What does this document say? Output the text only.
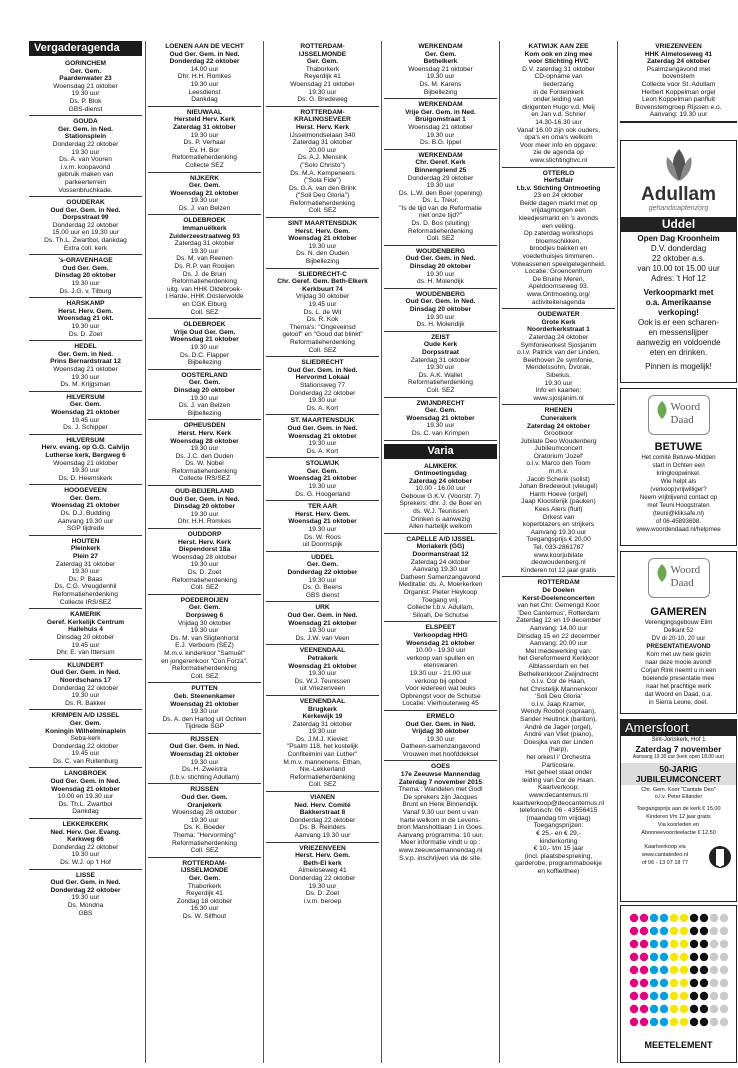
Vergaderagenda
GORINCHEM
Ger. Gem.
Paardenwater 23
Woensdag 21 oktober
19.30 uur
Ds. P. Blok
GBS-dienst
GOUDA
Ger. Gem. in Ned.
Stationsplein
Donderdag 22 oktober
19.30 uur
Ds. A. van Vooren
i.v.m. koopavond
gebruik maken van
parkeerterrein
Vossenbruchkade.
GOUDERAK
Oud Ger. Gem. in Ned.
Dorpsstraat 99
Donderdag 22 oktober
15.00 uur en 19.30 uur
Ds. Th.L. Zwartbol, dankdag
Extra coll. kerk
's-GRAVENHAGE
Oud Ger. Gem.
Dinsdag 20 oktober
19.30 uur
Ds. J.G. v. Tilburg
HARSKAMP
Herst. Herv. Gem.
Woensdag 21 okt.
19.30 uur
Ds. D. Zoet
HEDEL
Ger. Gem. in Ned.
Prins Bernardstraat 12
Woensdag 21 oktober
19.30 uur
Ds. M. Krijgsman
HILVERSUM
Ger. Gem.
Woensdag 21 oktober
19.45 uur
Ds. J. Schipper
HILVERSUM
Herv. evang. op G.G. Calvijn
Lutherse kerk, Bergweg 6
Woensdag 21 oktober
19.30 uur
Ds. D. Heemskerk
HOOGEVEEN
Ger. Gem.
Woensdag 21 oktober
Ds. D.J. Budding
Aanvang 19.30 uur
SGP tijdrede
HOUTEN
Pleinkerk
Plein 27
Zaterdag 31 oktober
19.30 uur
Ds. P. Baas
Ds. C.G. Vreugdenhil
Reformatieherdenking
Collecte IRS/SEZ
KAMERIK
Geref. Kerkelijk Centrum
Hallehuis 4
Dinsdag 20 oktober
19.45 uur
Dhr. E. van Ittersum
KLUNDERT
Oud Ger. Gem. in Ned.
Noordschans 17
Donderdag 22 oktober
19.30 uur
Ds. R. Bakker
KRIMPEN A/D IJSSEL
Ger. Gem.
Koningin Wilhelminaplein
Seba-kerk
Donderdag 22 oktober
19.45 uur
Ds. C. van Ruitenburg
LANGBROEK
Oud Ger. Gem. in Ned.
Woensdag 21 oktober
10.00 en 19.30 uur
Ds. Th.L. Zwartbol
Dankdag
LEKKERKERK
Ned. Herv. Ger. Evang.
Kerkweg 66
Donderdag 22 oktober
19.30 uur
Ds. W.J. op 't Hof
LISSE
Oud Ger. Gem. in Ned.
Donderdag 22 oktober
19.30 uur
Ds. Mondria
GBS
LOENEN AAN DE VECHT
Oud Ger. Gem. in Ned.
Donderdag 22 oktober
14.00 uur
Dhr. H.H. Romkes
19.30 uur
Leesdienst
Dankdag
NIEUWAAL
Hersteld Herv. Kerk
Zaterdag 31 oktober
19.30 uur
Ds. P. Verhaar
Ev. H. Bor
Reformatieherdenking
Collecte SEZ
NIJKERK
Ger. Gem.
Woensdag 21 oktober
19.30 uur
Ds. J. van Belzen
OLDEBROEK
Immanuëlkerk
Zuiderzeestraatweg 93
Zaterdag 31 oktober
19.30 uur
Ds. M. van Reenen
Ds. R.P. van Rooijen
Ds. J. de Bruin
Reformatieherdenking
uitg. van HHK Oldebroek-
t Harde, HHK Oosterwolde
en CGK Elburg
Coll. SEZ
OLDEBROEK
Vrije Oud Ger. Gem.
Woensdag 21 oktober
19.30 uur
Ds. D.C. Flapper
Bijbellezing
OOSTERLAND
Ger. Gem.
Dinsdag 20 oktober
19.30 uur
Ds. J. van Belzen
Bijbellezing
OPHEUSDEN
Herst. Herv. Kerk
Woensdag 28 oktober
19.30 uur
Ds. J.C. den Ouden
Ds. W. Nobel
Reformatieherdenking
Collecte IRS/SEZ
OUD-BEIJERLAND
Oud Ger. Gem. in Ned.
Dinsdag 20 oktober
19.30 uur
Dhr. H.H. Romkes
OUDDORP
Herst. Herv. Kerk
Diependorst 18a
Woensdag 28 oktober
19.30 uur
Ds. D. Zoet
Reformatieherdenking
Coll. SEZ
POEDEROIJEN
Ger. Gem.
Dorpsweg 6
Vrijdag 30 oktober
19.30 uur
Ds. M. van Sligtenhorst
E.J. Verboom (SEZ)
M.m.v. kinderkoor "Samuël"
en jongerenkoor "Con Forza".
Reformatieherdenking
Coll. SEZ
PUTTEN
Geb. Steenenkamer
Woensdag 21 oktober
19.30 uur
Ds. A. den Hartog uit Ochten
Tijdrede SGP
RIJSSEN
Oud Ger. Gem. in Ned.
Woensdag 21 oktober
19.30 uur
Ds. H. Zweistra
(t.b.v. stichting Adullam)
RIJSSEN
Oud Ger. Gem.
Oranjekerk
Woensdag 28 oktober
19.30 uur
Ds. K. Boeder
Thema: "Hervorming"
Reformatieherdenking
Coll. SEZ
ROTTERDAM-
IJSSELMONDE
Ger. Gem.
Thaborkerk
Reyerdijk 41
Zondag 18 oktober
16.30 uur
Ds. W. Silfhout
ROTTERDAM-
IJSSELMONDE
Ger. Gem.
Thaborkerk
Reyerdijk 41
Woensdag 21 oktober
19.30 uur
Ds. G. Bredeweg
ROTTERDAM-
KRALINGSEVEER
Herst. Herv. Kerk
IJsselmondselaan 340
Zaterdag 31 oktober
20.00 uur
Ds. A.J. Mensink
("Solo Christo")
Ds. M.A. Kempeneers
("Sola Fide")
Ds. G.A. van den Brink
("Soli Deo Gloria")
Reformatieherdenking
Coll. SEZ
SINT MAARTENSDIJK
Herst. Herv. Gem.
Woensdag 21 oktober
19.30 uur
Ds. N. den Ouden
Bijbellezing
SLIEDRECHT-C
Chr. Geref. Gem. Beth-Elkerk
Kerkbuurt 74
Vrijdag 30 oktober
19.45 uur
Ds. L. de Wit
Ds. R. Kok
Thema's: "Ongeveinsd
geloof" en "Goud dat blinkt"
Reformatieherdenking
Coll. SEZ
SLIEDRECHT
Oud Ger. Gem. in Ned.
Hervormd Lokaal
Stationsweg 77
Donderdag 22 oktober
19.30 uur
Ds. A. Kort
ST. MAARTENSDIJK
Oud Ger. Gem. in Ned.
Woensdag 21 oktober
19.30 uur
Ds. A. Kort
STOLWIJK
Ger. Gem.
Woensdag 21 oktober
19.30 uur
Ds. G. Hoogerland
TER AAR
Herst. Herv. Gem.
Woensdag 21 oktober
19.30 uur
Ds. W. Roos
uit Doornspijk
UDDEL
Ger. Gem.
Donderdag 22 oktober
19.30 uur
Ds. G. Beens
GBS dienst
URK
Oud Ger. Gem. in Ned.
Woensdag 21 oktober
19.30 uur
Ds. J.W. van Veen
VEENENDAAL
Petrakerk
Woensdag 21 oktober
19.30 uur
Ds. W.J. Teunissen
uit Vriezenveen
VEENENDAAL
Brugkerk
Kerkewijk 19
Zaterdag 31 oktober
19.30 uur
Ds. J.M.J. Kieviet:
"Psalm 118, het kostelijk
Confiteimini van Luther"
M.m.v. mannenens. Ethan,
Nw.-Lekkerland
Reformatieherdenking
Coll. SEZ
VIANEN
Ned. Herv. Comité
Bakkerstraat 8
Donderdag 22 oktober
Ds. B. Reinders
Aanvang 19.30 uur
VRIEZENVEEN
Herst. Herv. Gem.
Beth-El kerk
Almeloseweg 41
Donderdag 22 oktober
19.30 uur
Ds. D. Zoet
i.v.m. beroep
WERKENDAM
Ger. Gem.
Bethelkerk
Woensdag 21 oktober
19.30 uur
Ds. M. Karens
Bijbellezing
WERKENDAM
Vrije Ger. Gem. in Ned.
Bruigomstraat 1
Woensdag 21 oktober
19.30 uur
Ds. B.G. Ippel
WERKENDAM
Chr. Geref. Kerk
Binnengriend 25
Donderdag 29 oktober
19.30 uur
Ds. L.W. den Boer (opening)
Ds. L. Treur:
"Is de tijd van de Reformatie
niet onze tijd?"
Ds. D. Bos (sluiting)
Reformatieherdenking
Coll. SEZ
WOUDENBERG
Oud Ger. Gem. in Ned.
Dinsdag 20 oktober
19.30 uur
ds. H. Molendijk
WOUDENBERG
Oud Ger. Gem. in Ned.
Dinsdag 20 oktober
19.30 uur
Ds. H. Molendijk
ZEIST
Oude Kerk
Dorpsstraat
Zaterdag 31 oktober
19.30 uur
Ds. A.K. Wallet
Reformatieherdenking
Coll. SEZ
ZWIJNDRECHT
Ger. Gem.
Woensdag 21 oktober
19.30 uur
Ds. C. van Krimpen
Varia
ALMKERK
Ontmoetingsdag
Zaterdag 24 oktober
10.00 - 16.00 uur
Gebouw G.K.V. (Voorstr. 7)
Sprekers: dhr. J. de Boer en
ds. W.J. Teunissen
Drinken is aanwezig
Allen hartelijk welkom
CAPELLE A/D IJSSEL
Moriakerk (GG)
Doormanstraat 12
Zaterdag 24 oktober
Aanvang 19.30 uur
Datheen Samenzangavond
Meditatie: ds. A. Moerkerken
Organist: Pieter Heykoop
Toegang vrij.
Collecte t.b.v. Adullam,
Siloah, De Schutse
ELSPEET
Verkoopdag HHG
Woensdag 21 oktober
10.00 - 19.30 uur
verkoop van spullen en
etenswaren
19.30 uur - 21.00 uur
verkoop bij opbod
Voor iedereen wat leuks
Opbrengst voor de Schutse
Locatie: Vierhouterweg 45
ERMELO
Oud Ger. Gem. in Ned.
Vrijdag 30 oktober
19.30 uur
Datheen-samenzangavond
Vrouwen met hoofddeksel
GOES
17e Zeeuwse Mannendag
Zaterdag 7 november 2015
Thema : Wandelen met God!
De sprekers zijn Jacques
Brunt en Henk Binnendijk.
Vanaf 9.30 uur bent u van
harte welkom in de Levens-
bron Mansholtlaan 1 in Goes.
Aanvang programma: 10 uur.
Meer informatie vindt u op :
www.zeeuwsemannendag.nl
S.v.p. inschrijven via de site.
KATWIJK AAN ZEE
Kom ook en zing mee
voor Stichting HVC
D.V. zaterdag 31 oktober
CD-opname van
liederzang
in de Fonteinkerk
onder leiding van
dirigenten Hugo v.d. Meij
en Jan v.d. Schrier
14.30-16.30 uur
Vanaf 16.00 zijn ook ouders,
opa's en oma's welkom
Voor meer info en opgave:
zie de agenda op
www.stichtinghvc.nl
OTTERLO
Herfstfair
t.b.v. Stichting Ontmoeting
23 en 24 oktober
Beide dagen markt met op
vrijdagmorgen een
kleedjesmarkt en 's avonds
een veiling.
Op zaterdag workshops
bloemschikken,
broodjes bakken en
voederhuisjes timmeren.
Volwassenen speelgelegenheid.
Locatie: Groencentrum
De Bruine Meren,
Apeldoornseweg 93.
www.Ontmoeting.org/
activiteitenagenda
OUDEWATER
Grote Kerk
Noorderkerkstraat 1
Zaterdag 24 oktober
Symfonieorkest Sjosjanim
o.l.v. Patrick van der Linden,
Beethoven 2e symfonie,
Mendelssohn, Dvorak,
Sibelius.
19.30 uur
Info en kaarten:
www.sjosjanim.nl
RHENEN
Cunerakerk
Zaterdag 24 oktober
Grootkoor
Jubilate Deo Woudenberg
Jubileumconcert
Oratorium 'Jozef'
o.l.v. Marco den Toom
m.m.v.
Jacob Schenk (solist)
Johan Bredewout (vleugel)
Harm Hoeve (orgel)
Jaap Kloosterijk (pauken)
Kees Alers (fluit)
Orkest van
koperblazers en strijkers
Aanvang 19.30 uur
Toegangsprijs € 20,00
Tel. 033-2861787
www.koorjubilate
deowoudenberg.nl
Kinderen tot 12 jaar gratis
ROTTERDAM
De Doelen
Kerst-Doelenconcerten
van het Chr. Gemengd Koor
'Deo Cantemus', Rotterdam
Zaterdag 12 en 19 december
Aanvang: 14.00 uur
Dinsdag 15 en 22 december
Aanvang: 20.00 uur
Met medewerking van:
het Gereformeerd Kerkkoor
Alblasserdam en het
Bethelkerkkoor Zwijndrecht
o.l.v. Cor de Haan,
het Christelijk Mannenkoor
'Soli Deo Gloria'
o.l.v. Jaap Kramer,
Wendy Roobol (sopraan),
Sander Heutinck (bariton),
André de Jager (orgel),
André van Vliet (piano),
Doesjka van der Linden
(harp),
het orkest l' Orchestra
Particolare.
Het geheel staat onder
leiding van Cor de Haan.
Kaartverkoop:
www.decantemus.nl
kaartverkoop@deocantemus.nl
telefonisch: 06 - 43556415
(maandag t/m vrijdag)
Toegangsprijzen:
€ 25,- en € 29,-
kinderkorting
€ 10,- t/m 15 jaar
(incl. plaatsbespreking,
garderobe, programmaboekje
en koffie/thee)
VRIEZENVEEN
HHK Almeloseweg 41
Zaterdag 24 oktober
Psalmzangavond met
bovenstem
Collecte voor St. Adullam
Herbert Koppelman orgel
Leon Koppelman panfluit
Bovenstemgroep Rijssen e.o.
Aanvang: 19.30 uur
Adullam
gehandicaptenzorg
Uddel
Open Dag Kroonheim
D.V. donderdag
22 oktober a.s.
van 10.00 tot 15.00 uur
Adres: 't Hof 12
Verkoopmarkt met
o.a. Amerikaanse
verkoping!
Ook is er een scharen-
en messenslijper
aanwezig en voldoende
eten en drinken.
Pinnen is mogelijk!
Woord
Daad
BETUWE
Het comité Betuwe-Midden
start in Ochten een
kringloopwinkel.
Wie helpt als
(verkoop)vrijwilliger?
Neem vrijblijvend contact op
met Teuni Hoogstraten
(teuni@kliksafe.nl)
of 06-45893698.
www.woordendaad.nl/helpmee
Woord
Daad
GAMEREN
Verenigingsgebouw Elim
Delkant 52
DV di 20-10, 20 uur
PRESENTATIEAVOND
Kom met uw hele gezin
naar deze mooie avond!
Corjan Rink neemt u in een
boeiende presentatie mee
naar het prachtige werk
dat Woord en Daad, o.a.
in Sierra Leone, doet.
Amersfoort
Sint-Joriskerk, Hof 1
Zaterdag 7 november
Aanvang 19.30 uur (kerk open 18.00 uur)
50-JARIG
JUBILEUMCONCERT
Chr. Gem. Koor "Cantate Deo"
o.l.v. Peter Eilander
Toegangsprijs aan de kerk € 15,00
Kinderen t/m 12 jaar gratis
Via koorleden en
Abonneevoordeelactie € 12,50
Kaartverkoop via
www.cantatedeo.nl
of 06 - 13 07 18 77
MEETELEMENT
